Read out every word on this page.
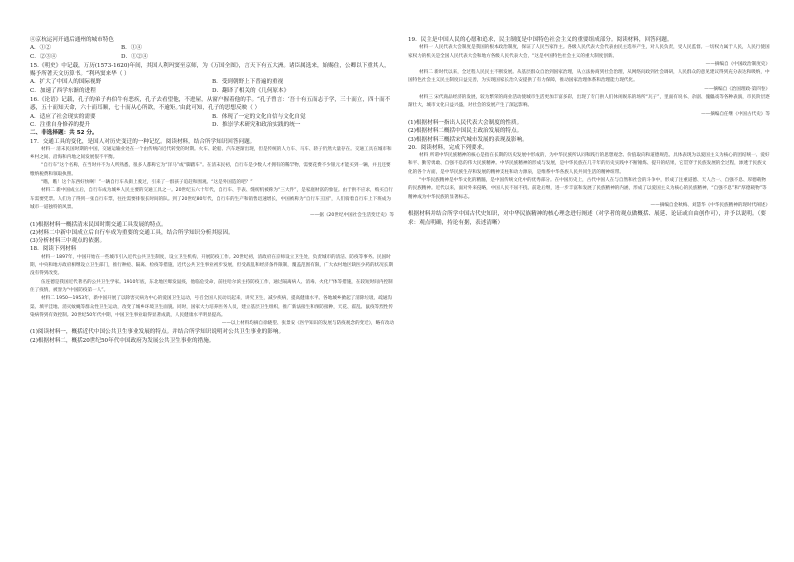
④京杭运河开通后通州的城市特色

A．①②	B．①④
C．②③④	D．①②④

15.《明史》中记载，万历(1573-1620)年间，其国人利玛窦至京师，为《万国全图》，言天下有五大洲。诸臣属选来，始赐住，公卿以下重其人，赐予所著天文历算书。“利玛窦来华（ ）

A．扩大了中国人的国际视野	B．受到朝野上下普遍的重视
C．加速了西学东渐的进程	D．翻译了相关的《几何原本》

16.《论语》记载，孔子的弟子冉伯牛有恶疾，孔子去看望他，不进屋，从窗户握着他的手。“孔子曾言：‘吾十有五而志于学，三十而立，四十而不惑，五十而知天命，六十而耳顺，七十而从心所欲，不逾矩。’由此可知，孔子的思想反映（ ）

A．适应了社会现实的需要	B．体现了一定的文化自信与文化自觉
C．注重自身修养的提升	D．推崇学术研究和政治实践的统一

二、非选择题：共 52 分。

17．交通工具的变化，是国人对历史变迁的一种记忆。阅读材料，结合所学知识回答问题。

材料一 清末民国时期的中国，交通运输业处在一个由传统向近代转变的时期。火车、轮船、汽车逐渐出现，但是传统的人力车、马车、轿子仍然大量存在。交通工具在城市和乡村之间、沿海和内地之间发展很不平衡。

“自行车”这个名称，在当时并不为人所熟悉，很多人都称它为“洋马”或“脚踏车”。在清末民初，自行车是少数人才拥有的稀罕物，需要花费不少银元才能买到一辆，并且还要缴纳税费和领取执照。

“瞧，瞧！这个东西好快啊！”一辆自行车从街上驶过，引来了一群孩子追赶和围观。“这是外国造的吧？”

材料二 新中国成立后，自行车成为城乡人民主要的交通工具之一。20世纪五六十年代，自行车、手表、缝纫机被称为“三大件”，是家庭财富的象征。由于供不应求，购买自行车需要凭票。人们为了得到一张自行车票，往往需要排很长时间的队。到了20世纪80年代，自行车的生产和销售迅速增长，中国被称为“自行车王国”，人们骑着自行车上下班成为城市一道独特的风景。

——据《20世纪中国社会生活变迁史》等

(1)根据材料一概括清末民国时期交通工具发展的特点。

(2)材料二中新中国成立后自行车成为重要的交通工具，结合所学知识分析其原因。

(3)分析材料三中观点的依据。

18．阅读下列材料

材料一 1897年，中国开始在一些城市引入近代公共卫生制度，设立卫生机构，开展防疫工作。20世纪初，清政府在京师设立卫生处，负责城市的清洁、防疫等事务。民国时期，中央和地方政府相继设立卫生部门，推行种痘、隔离、检疫等措施，近代公共卫生事业初步发展，但受战乱和经济条件限制，覆盖范围有限，广大农村地区缺医少药的状况长期没有得到改变。

伍连德是我国近代著名的公共卫生学家。1910年底，东北地区爆发鼠疫，他临危受命，前往哈尔滨主持防疫工作，通过隔离病人、消毒、火化尸体等措施，在较短时间内控制住了疫情，被誉为“中国防疫第一人”。

材料二 1950—1953年，新中国开展了以除害灭病为中心的爱国卫生运动，号召全国人民动员起来，讲究卫生，减少疾病，提高健康水平。各地城乡掀起了清除垃圾、疏通沟渠、填平洼地、消灭蚊蝇等群众性卫生运动，改变了城乡环境卫生面貌。同时，国家大力培养医务人员，建立基层卫生组织，推广新法接生和预防接种，天花、霍乱、鼠疫等烈性传染病得到有效控制。20世纪50年代中期，中国卫生事业取得显著成就，人民健康水平明显提高。

——以上材料均摘自徐晓望、张景安《医学知识的发展与防疫观念的变迁》，略有改动

(1)阅读材料一，概括近代中国公共卫生事业发展的特点。并结合所学知识说明对公共卫生事业的影响。

(2)根据材料二，概括20世纪50年代中国政府为发展公共卫生事业的措施。

19．民主是中国人民的心愿和追求，民主制度是中国特色社会主义的重要组成部分。阅读材料，回答问题。

材料一 人民代表大会制度是我国的根本政治制度，保证了人民当家作主。各级人民代表大会代表由民主选举产生，对人民负责，受人民监督。一切权力属于人民，人民行使国家权力的机关是全国人民代表大会和地方各级人民代表大会，“这是中国特色社会主义的重大制度创新。

——摘编自《中国政治制度史》

材料二 新时代以来，全过程人民民主不断发展。从基层群众自治到国家治理，从立法协商到社会治理，从网络问政到社会调研，人民群众的意见建议得到充分表达和吸纳，中国特色社会主义民主制度日益完善，为实现国家长治久安提供了有力保障，推动国家治理体系和治理能力现代化。

——摘编自《治国理政·第四卷》

材料三 宋代商品经济的发展，较为繁荣的商业活动使城市生活更加丰富多彩，出现了专门供人们休闲娱乐的场所“瓦子”，里面有说书、杂剧、傀儡戏等各种表演，市民阶层逐渐壮大，城市文化日益兴盛，对社会的发展产生了深远影响。

——摘编自任继《中国古代史》等

(1)根据材料一指出人民代表大会制度的性质。

(2)根据材料二概括中国民主政治发展的特点。

(3)根据材料三概括宋代城市发展的表现及影响。

20．阅读材料，完成下列要求。

材料 所谓中华民族精神的核心是指在长期的历史发展中形成的，为中华民族所认同和践行的思想观念、价值取向和道德规范。具体表现为以爱国主义为核心的团结统一、爱好和平、勤劳勇敢、自强不息的伟大民族精神。中华民族精神的形成与发展，是中华民族在几千年的历史实践中不断锤炼、提升的结果，它贯穿于民族发展的全过程，渗透于民族文化的各个方面，是中华民族生存和发展的精神支柱和动力源泉，是维系中华各族人民共同生活的精神纽带。

“中华民族精神是中华文化的精髓，是中国传统文化中的优秀部分。在中国历史上，古代中国人在与自然和社会的斗争中，形成了注重道德、天人合一、自强不息、厚德载物的民族精神。近代以来，面对外来侵略，中国人民不屈不挠、前赴后继，进一步丰富和发展了民族精神的内涵，形成了以爱国主义为核心的民族精神，“自强不息”和“厚德载物”等精神成为中华民族的显著标志。

——摘编自金秋梅、刘慧华《中华民族精神的现时代阐述》

根据材料并结合所学中国古代史知识，对中华民族精神的核心理念进行阐述（对学者的观点做概括、展延、论证或自由创作可），并予以说明。（要求：观点明确，持论有据，表述清晰）
